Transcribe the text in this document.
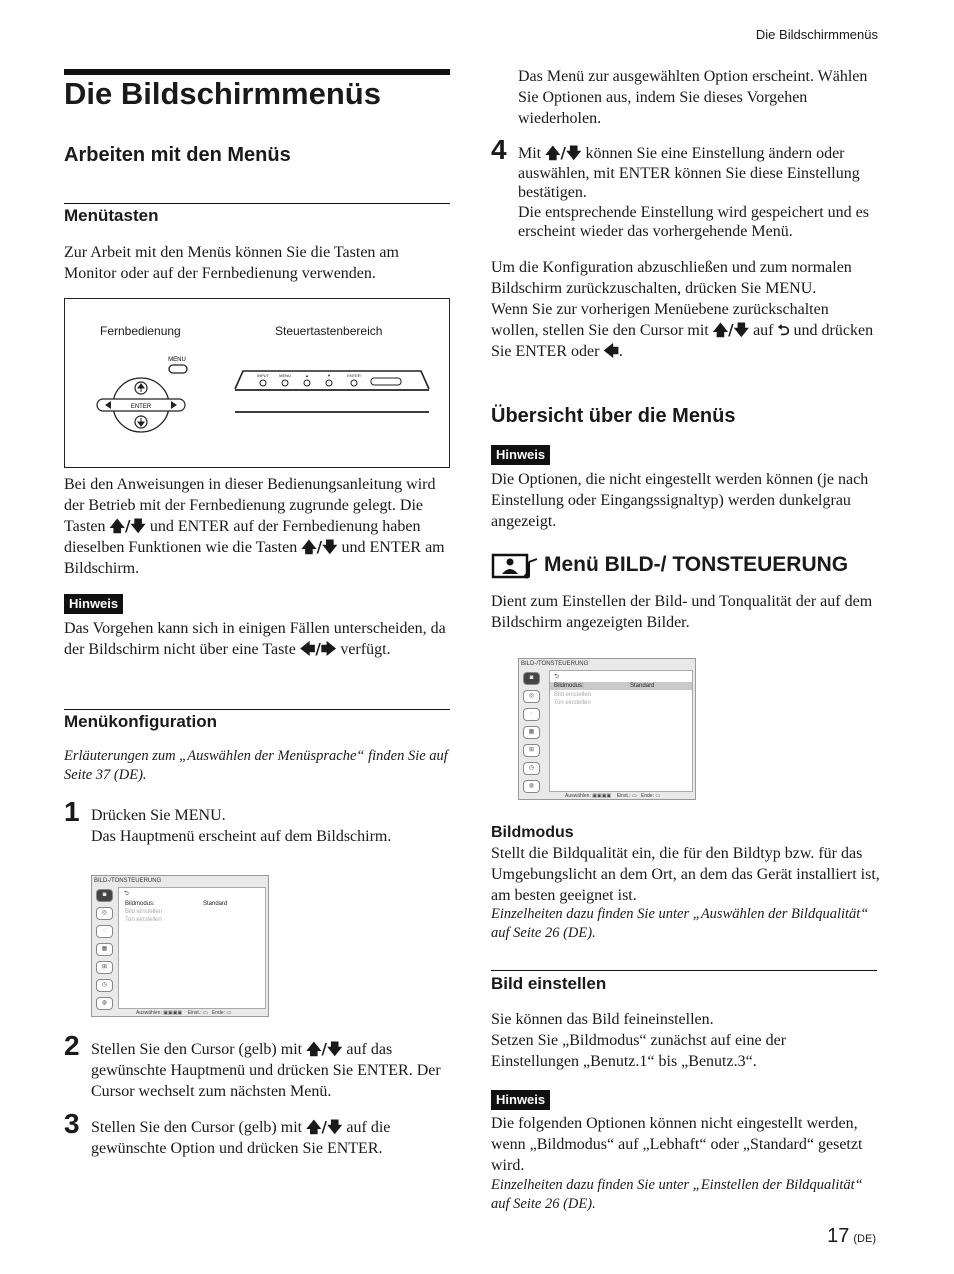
Die Bildschirmmenüs
Die Bildschirmmenüs
Arbeiten mit den Menüs
Menütasten
Zur Arbeit mit den Menüs können Sie die Tasten am Monitor oder auf der Fernbedienung verwenden.
Fernbedienung	Steuertastenbereich
MENU
ENTER
INPUT	MENU	▲	▼	ENTER
Bei den Anweisungen in dieser Bedienungsanleitung wird der Betrieb mit der Fernbedienung zugrunde gelegt. Die Tasten 🡅/🡇 und ENTER auf der Fernbedienung haben dieselben Funktionen wie die Tasten 🡅/🡇 und ENTER am Bildschirm.
Hinweis
Das Vorgehen kann sich in einigen Fällen unterscheiden, da der Bildschirm nicht über eine Taste 🡄/🡆 verfügt.
Menükonfiguration
Erläuterungen zum „Auswählen der Menüsprache“ finden Sie auf Seite 37 (DE).
1 Drücken Sie MENU.
Das Hauptmenü erscheint auf dem Bildschirm.
BILD-/TONSTEUERUNG
◙
◎
◌
▦
⊞
◷
◍
⮌
Bildmodus:	Standard
Bild einstellen
Ton einstellen
Auswählen: ▣▣▣▣    Einst.: ▭   Ende: ▭
2 Stellen Sie den Cursor (gelb) mit 🡅/🡇 auf das gewünschte Hauptmenü und drücken Sie ENTER. Der Cursor wechselt zum nächsten Menü.
3 Stellen Sie den Cursor (gelb) mit 🡅/🡇 auf die gewünschte Option und drücken Sie ENTER.
Das Menü zur ausgewählten Option erscheint. Wählen Sie Optionen aus, indem Sie dieses Vorgehen wiederholen.
4 Mit 🡅/🡇 können Sie eine Einstellung ändern oder auswählen, mit ENTER können Sie diese Einstellung bestätigen.
Die entsprechende Einstellung wird gespeichert und es erscheint wieder das vorhergehende Menü.
Um die Konfiguration abzuschließen und zum normalen Bildschirm zurückzuschalten, drücken Sie MENU.
Wenn Sie zur vorherigen Menüebene zurückschalten wollen, stellen Sie den Cursor mit 🡅/🡇 auf ⮌ und drücken Sie ENTER oder 🡄.
Übersicht über die Menüs
Hinweis
Die Optionen, die nicht eingestellt werden können (je nach Einstellung oder Eingangssignaltyp) werden dunkelgrau angezeigt.
Menü BILD-/ TONSTEUERUNG
Dient zum Einstellen der Bild- und Tonqualität der auf dem Bildschirm angezeigten Bilder.
BILD-/TONSTEUERUNG
◙
◎
◌
▦
⊞
◷
◍
⮌
Bildmodus:	Standard
Bild einstellen
Ton einstellen
Auswählen: ▣▣▣▣    Einst.: ▭   Ende: ▭
Bildmodus
Stellt die Bildqualität ein, die für den Bildtyp bzw. für das Umgebungslicht an dem Ort, an dem das Gerät installiert ist, am besten geeignet ist.
Einzelheiten dazu finden Sie unter „Auswählen der Bildqualität“ auf Seite 26 (DE).
Bild einstellen
Sie können das Bild feineinstellen.
Setzen Sie „Bildmodus“ zunächst auf eine der Einstellungen „Benutz.1“ bis „Benutz.3“.
Hinweis
Die folgenden Optionen können nicht eingestellt werden, wenn „Bildmodus“ auf „Lebhaft“ oder „Standard“ gesetzt wird.
Einzelheiten dazu finden Sie unter „Einstellen der Bildqualität“ auf Seite 26 (DE).
17 (DE)
